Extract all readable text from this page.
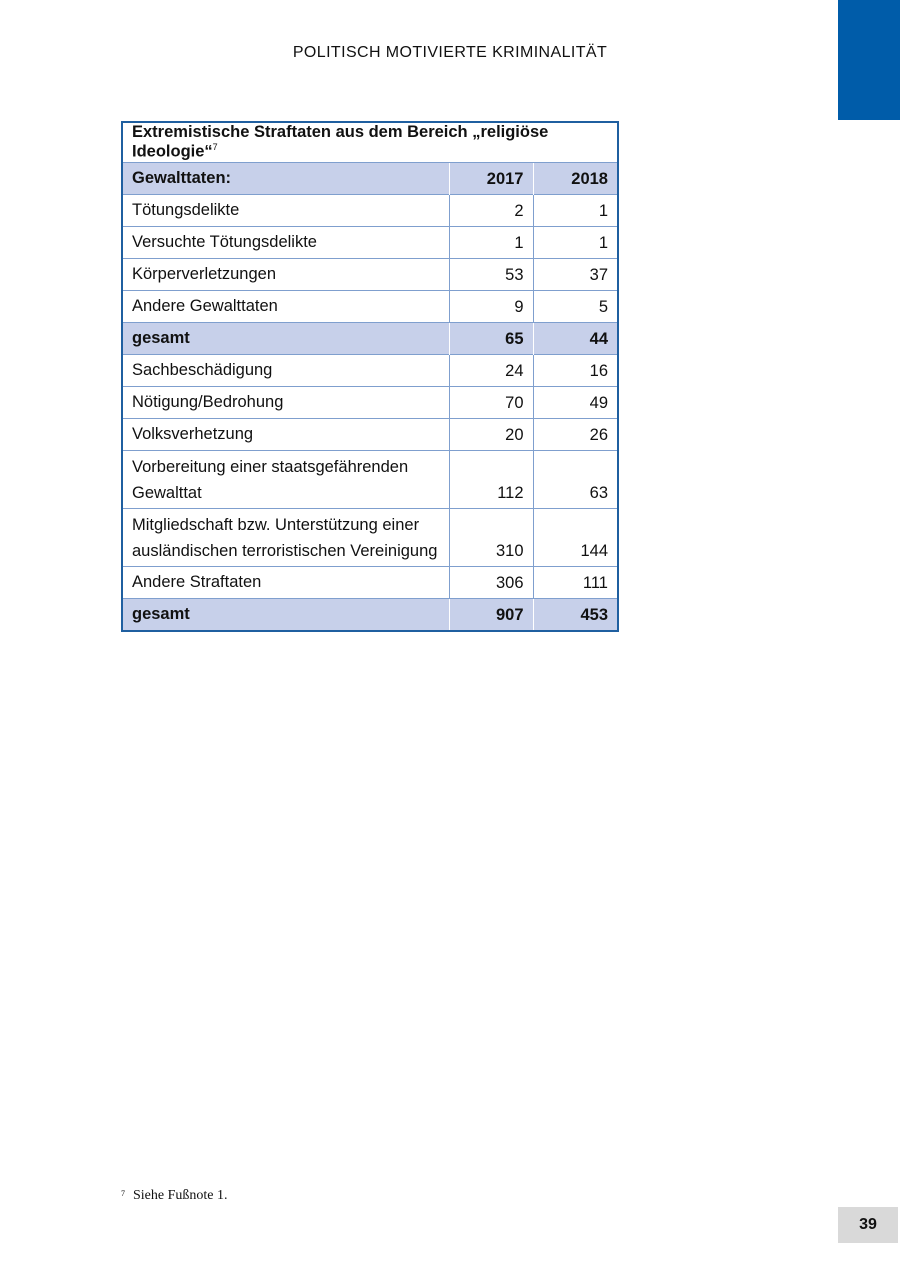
POLITISCH MOTIVIERTE KRIMINALITÄT
Extremistische Straftaten aus dem Bereich „religiöse Ideologie“$^7$
Gewalttaten:	2017	2018
Tötungsdelikte	2	1
Versuchte Tötungsdelikte	1	1
Körperverletzungen	53	37
Andere Gewalttaten	9	5
gesamt	65	44
Sachbeschädigung	24	16
Nötigung/Bedrohung	70	49
Volksverhetzung	20	26
Vorbereitung einer staatsgefährenden
Gewalttat	112	63
Mitgliedschaft bzw. Unterstützung einer
ausländischen terroristischen Vereinigung	310	144
Andere Straftaten	306	111
gesamt	907	453
$^7$ Siehe Fußnote 1.
39
